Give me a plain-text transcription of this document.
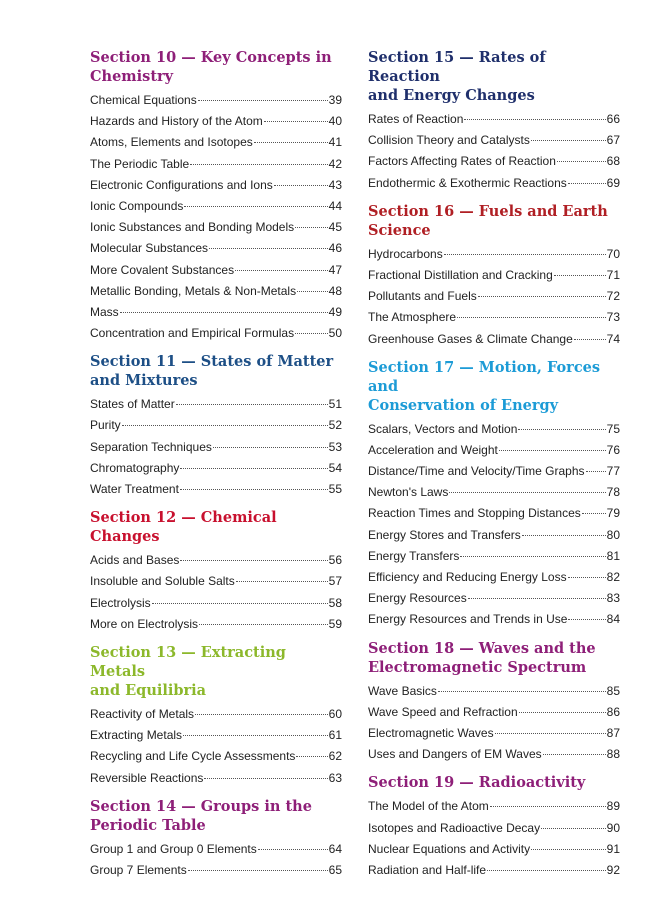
Section 10 — Key Concepts in
Chemistry
Chemical Equations	39
Hazards and History of the Atom	40
Atoms, Elements and Isotopes	41
The Periodic Table	42
Electronic Configurations and Ions	43
Ionic Compounds	44
Ionic Substances and Bonding Models	45
Molecular Substances	46
More Covalent Substances	47
Metallic Bonding, Metals & Non-Metals	48
Mass	49
Concentration and Empirical Formulas	50
Section 11 — States of Matter
and Mixtures
States of Matter	51
Purity	52
Separation Techniques	53
Chromatography	54
Water Treatment	55
Section 12 — Chemical Changes
Acids and Bases	56
Insoluble and Soluble Salts	57
Electrolysis	58
More on Electrolysis	59
Section 13 — Extracting Metals
and Equilibria
Reactivity of Metals	60
Extracting Metals	61
Recycling and Life Cycle Assessments	62
Reversible Reactions	63
Section 14 — Groups in the
Periodic Table
Group 1 and Group 0 Elements	64
Group 7 Elements	65
Section 15 — Rates of Reaction
and Energy Changes
Rates of Reaction	66
Collision Theory and Catalysts	67
Factors Affecting Rates of Reaction	68
Endothermic & Exothermic Reactions	69
Section 16 — Fuels and Earth
Science
Hydrocarbons	70
Fractional Distillation and Cracking	71
Pollutants and Fuels	72
The Atmosphere	73
Greenhouse Gases & Climate Change	74
Section 17 — Motion, Forces and
Conservation of Energy
Scalars, Vectors and Motion	75
Acceleration and Weight	76
Distance/Time and Velocity/Time Graphs 77
Newton's Laws	78
Reaction Times and Stopping Distances 79
Energy Stores and Transfers	80
Energy Transfers	81
Efficiency and Reducing Energy Loss	82
Energy Resources	83
Energy Resources and Trends in Use	84
Section 18 — Waves and the
Electromagnetic Spectrum
Wave Basics	85
Wave Speed and Refraction	86
Electromagnetic Waves	87
Uses and Dangers of EM Waves	88
Section 19 — Radioactivity
The Model of the Atom	89
Isotopes and Radioactive Decay	90
Nuclear Equations and Activity	91
Radiation and Half-life	92
